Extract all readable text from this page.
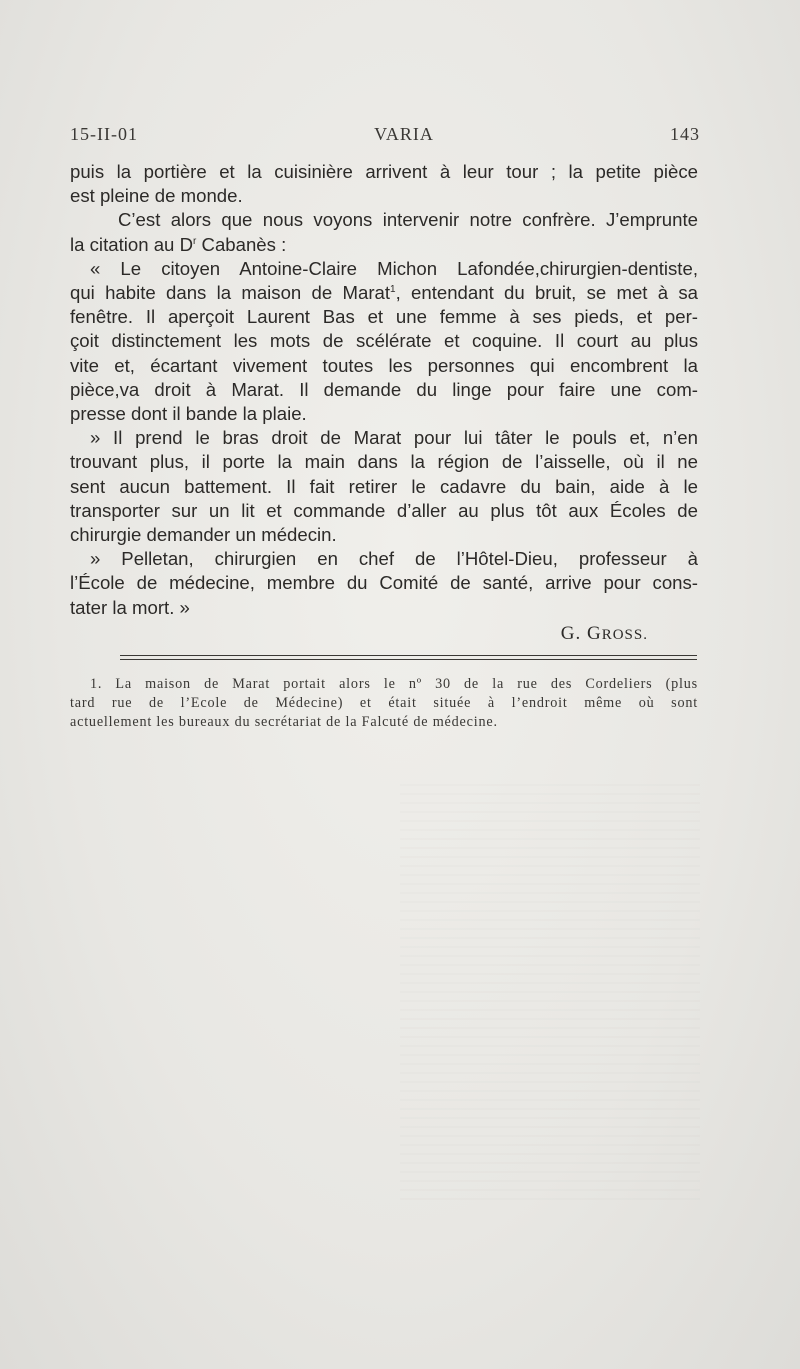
15-II-01	VARIA	143

puis la portière et la cuisinière arrivent à leur tour ; la petite pièce
est pleine de monde.

C’est alors que nous voyons intervenir notre confrère. J’emprunte
la citation au $D^r$ Cabanès :

« Le citoyen Antoine-Claire Michon Lafondée,chirurgien-dentiste,
qui habite dans la maison de Marat$^1$, entendant du bruit, se met à sa
fenêtre. Il aperçoit Laurent Bas et une femme à ses pieds, et per-
çoit distinctement les mots de scélérate et coquine. Il court au plus
vite et, écartant vivement toutes les personnes qui encombrent la
pièce,va droit à Marat. Il demande du linge pour faire une com-
presse dont il bande la plaie.

» Il prend le bras droit de Marat pour lui tâter le pouls et, n’en
trouvant plus, il porte la main dans la région de l’aisselle, où il ne
sent aucun battement. Il fait retirer le cadavre du bain, aide à le
transporter sur un lit et commande d’aller au plus tôt aux Écoles de
chirurgie demander un médecin.

» Pelletan, chirurgien en chef de l’Hôtel-Dieu, professeur à
l’École de médecine, membre du Comité de santé, arrive pour cons-
tater la mort. »

G. GROSS.
1. La maison de Marat portait alors le nº 30 de la rue des Cordeliers (plus
tard rue de l’Ecole de Médecine) et était située à l’endroit même où sont
actuellement les bureaux du secrétariat de la Falcuté de médecine.
